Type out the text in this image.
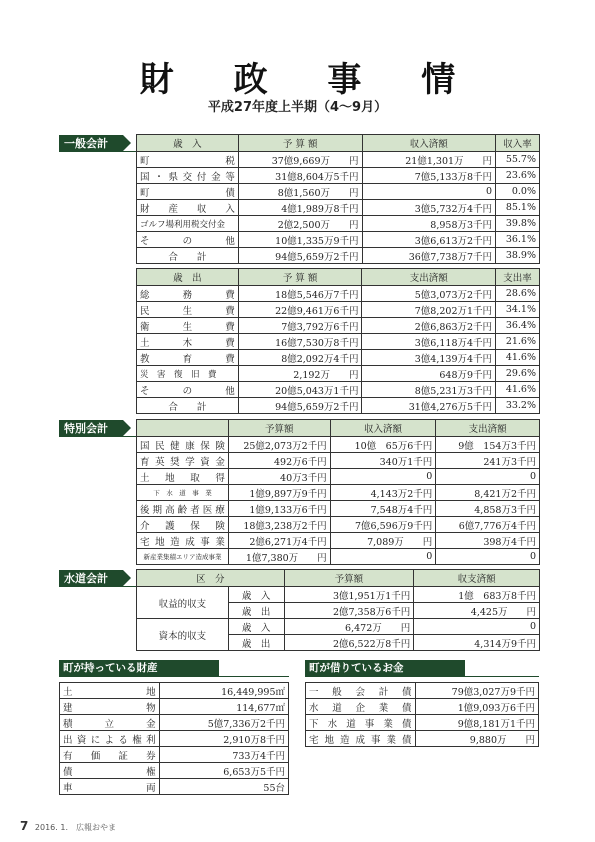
財 政 事 情
平成27年度上半期（4〜9月）
一般会計	歳　入	予 算 額	収入済額	収入率
町　　　　　税	37億9,669万　　円	21億1,301万　　円	55.7%
国・県交付金等	31億8,604万5千円	7億5,133万8千円	23.6%
町　　　　　債	8億1,560万　　円	0	0.0%
財　産　収　入	4億1,989万8千円	3億5,732万4千円	85.1%
ゴルフ場利用税交付金	2億2,500万　　円	8,958万3千円	39.8%
そ　　の　　他	10億1,335万9千円	3億6,613万2千円	36.1%
合　　計	94億5,659万2千円	36億7,738万7千円	38.9%
歳　出	予 算 額	支出済額	支出率
総　　務　　費	18億5,546万7千円	5億3,073万2千円	28.6%
民　　生　　費	22億9,461万6千円	7億8,202万1千円	34.1%
衛　　生　　費	7億3,792万6千円	2億6,863万2千円	36.4%
土　　木　　費	16億7,530万8千円	3億6,118万4千円	21.6%
教　　育　　費	8億2,092万4千円	3億4,139万4千円	41.6%
災　害　復　旧　費	2,192万　　円	648万9千円	29.6%
そ　　の　　他	20億5,043万1千円	8億5,231万3千円	41.6%
合　　計	94億5,659万2千円	31億4,276万5千円	33.2%
特別会計
		予算額	収入済額	支出済額
国民健康保険	25億2,073万2千円	10億　65万6千円	9億　154万3千円
育英奨学資金	492万6千円	340万1千円	241万3千円
土　地　取　得	40万3千円	0	0
下　水　道　事　業	1億9,897万9千円	4,143万2千円	8,421万2千円
後期高齢者医療	1億9,133万6千円	7,548万4千円	4,858万3千円
介　護　保　険	18億3,238万2千円	7億6,596万9千円	6億7,776万4千円
宅地造成事業	2億6,271万4千円	7,089万　　円	398万4千円
新産業集積エリア造成事業	1億7,380万　　円	0	0
水道会計	区　分		予算額	収支済額
収益的収支	歳　入	3億1,951万1千円	1億　683万8千円
	歳　出	2億7,358万6千円	4,425万　　円
資本的収支	歳　入	6,472万　　円	0
	歳　出	2億6,522万8千円	4,314万9千円
町が持っている財産
土　　　　　地	16,449,995㎡
建　　　　　物	114,677㎡
積　　立　　金	5億7,336万2千円
出資による権利	2,910万8千円
有　価　証　券	733万4千円
債　　　　　権	6,653万5千円
車　　　　　両	55台
町が借りているお金
一 般 会 計 債	79億3,027万9千円
水 道 企 業 債	1億9,093万6千円
下 水 道 事 業 債	9億8,181万1千円
宅地造成事業債	9,880万　　円
7 2016. 1.　広報おやま
